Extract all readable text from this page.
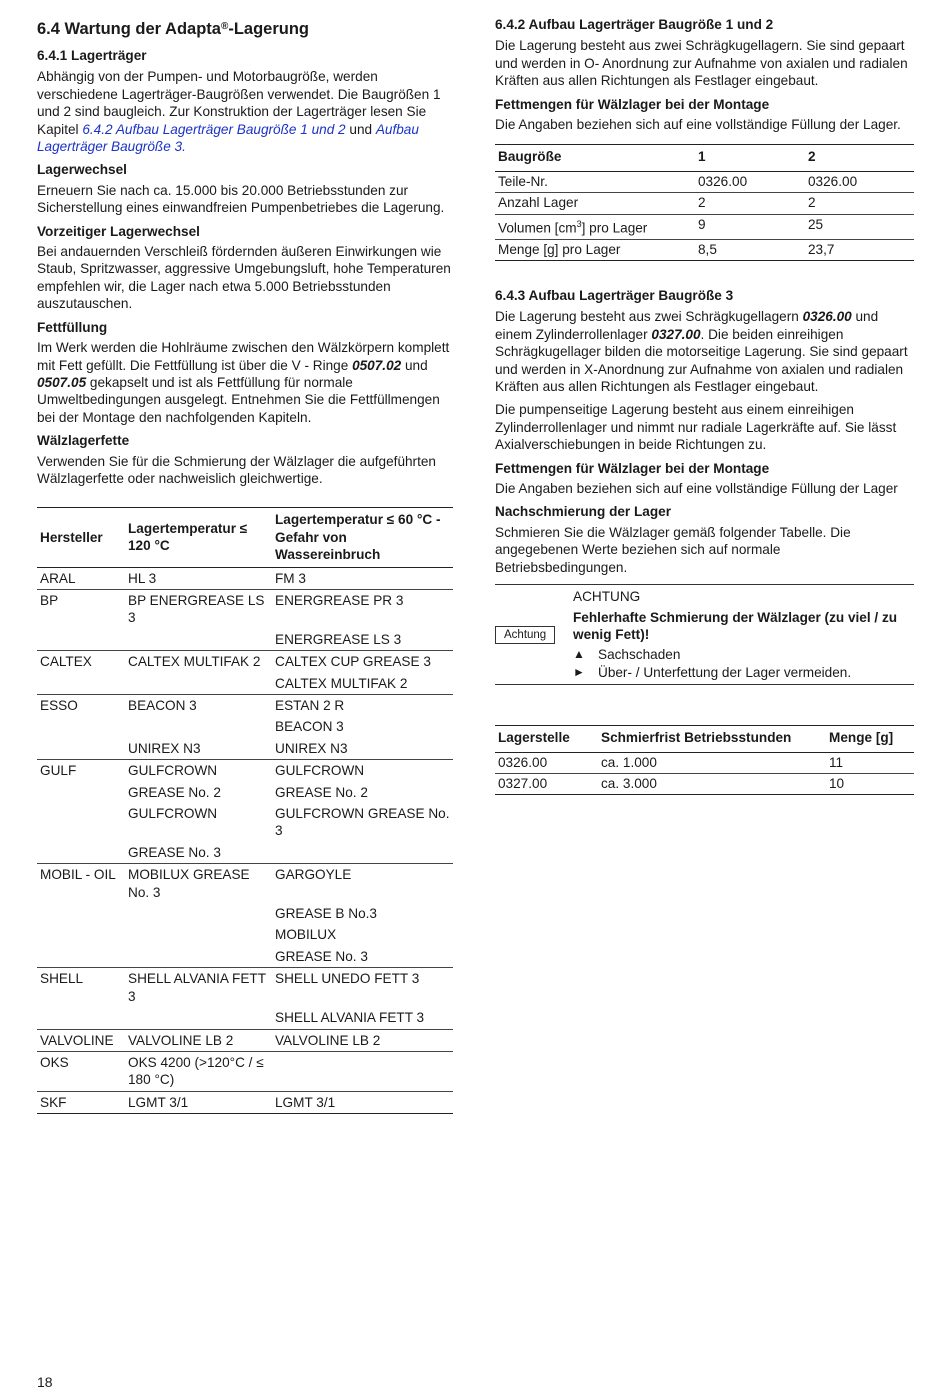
6.4 Wartung der Adapta®-Lagerung
6.4.1 Lagerträger

Abhängig von der Pumpen- und Motorbaugröße, werden verschiedene Lagerträger-Baugrößen verwendet. Die Baugrößen 1 und 2 sind baugleich. Zur Konstruktion der Lagerträger lesen Sie Kapitel 6.4.2 Aufbau Lagerträger Baugröße 1 und 2 und Aufbau Lagerträger Baugröße 3.

Lagerwechsel

Erneuern Sie nach ca. 15.000 bis 20.000 Betriebsstunden zur Sicherstellung eines einwandfreien Pumpenbetriebes die Lagerung.

Vorzeitiger Lagerwechsel

Bei andauernden Verschleiß fördernden äußeren Einwirkungen wie Staub, Spritzwasser, aggressive Umgebungsluft, hohe Temperaturen empfehlen wir, die Lager nach etwa 5.000 Betriebsstunden auszutauschen.

Fettfüllung

Im Werk werden die Hohlräume zwischen den Wälzkörpern komplett mit Fett gefüllt. Die Fettfüllung ist über die V - Ringe 0507.02 und 0507.05 gekapselt und ist als Fettfüllung für normale Umweltbedingungen ausgelegt. Entnehmen Sie die Fettfüllmengen bei der Montage den nachfolgenden Kapiteln.

Wälzlagerfette

Verwenden Sie für die Schmierung der Wälzlager die aufgeführten Wälzlagerfette oder nachweislich gleichwertige.

Hersteller	Lagertemperatur ≤ 120 °C	Lagertemperatur ≤ 60 °C - Gefahr von Wassereinbruch
ARAL	HL 3	FM 3
BP	BP ENERGREASE LS 3	ENERGREASE PR 3
		ENERGREASE LS 3
CALTEX	CALTEX MULTIFAK 2	CALTEX CUP GREASE 3
		CALTEX MULTIFAK 2
ESSO	BEACON 3	ESTAN 2 R
		BEACON 3
	UNIREX N3	UNIREX N3
GULF	GULFCROWN	GULFCROWN
	GREASE No. 2	GREASE No. 2
	GULFCROWN	GULFCROWN GREASE No. 3
	GREASE No. 3	
MOBIL - OIL	MOBILUX GREASE No. 3	GARGOYLE
		GREASE B No.3
		MOBILUX
		GREASE No. 3
SHELL	SHELL ALVANIA FETT 3	SHELL UNEDO FETT 3
		SHELL ALVANIA FETT 3
VALVOLINE	VALVOLINE LB 2	VALVOLINE LB 2
OKS	OKS 4200 (>120°C / ≤ 180 °C)	
SKF	LGMT 3/1	LGMT 3/1
6.4.2 Aufbau Lagerträger Baugröße 1 und 2

Die Lagerung besteht aus zwei Schrägkugellagern. Sie sind gepaart und werden in O- Anordnung zur Aufnahme von axialen und radialen Kräften aus allen Richtungen als Festlager eingebaut.

Fettmengen für Wälzlager bei der Montage

Die Angaben beziehen sich auf eine vollständige Füllung der Lager.

Baugröße	1	2
Teile-Nr.	0326.00	0326.00
Anzahl Lager	2	2
Volumen $[cm^3]$ pro Lager	9	25
Menge [g] pro Lager	8,5	23,7
6.4.3 Aufbau Lagerträger Baugröße 3

Die Lagerung besteht aus zwei Schrägkugellagern 0326.00 und einem Zylinderrollenlager 0327.00. Die beiden einreihigen Schrägkugellager bilden die motorseitige Lagerung. Sie sind gepaart und werden in X-Anordnung zur Aufnahme von axialen und radialen Kräften aus allen Richtungen als Festlager eingebaut.

Die pumpenseitige Lagerung besteht aus einem einreihigen Zylinderrollenlager und nimmt nur radiale Lagerkräfte auf. Sie lässt Axialverschiebungen in beide Richtungen zu.

Fettmengen für Wälzlager bei der Montage

Die Angaben beziehen sich auf eine vollständige Füllung der Lager

Nachschmierung der Lager

Schmieren Sie die Wälzlager gemäß folgender Tabelle. Die angegebenen Werte beziehen sich auf normale Betriebsbedingungen.

Achtung
ACHTUNG
Fehlerhafte Schmierung der Wälzlager (zu viel / zu wenig Fett)!
▲ Sachschaden
► Über- / Unterfettung der Lager vermeiden.
Lagerstelle	Schmierfrist Betriebsstunden	Menge [g]
0326.00	ca. 1.000	11
0327.00	ca. 3.000	10
18
